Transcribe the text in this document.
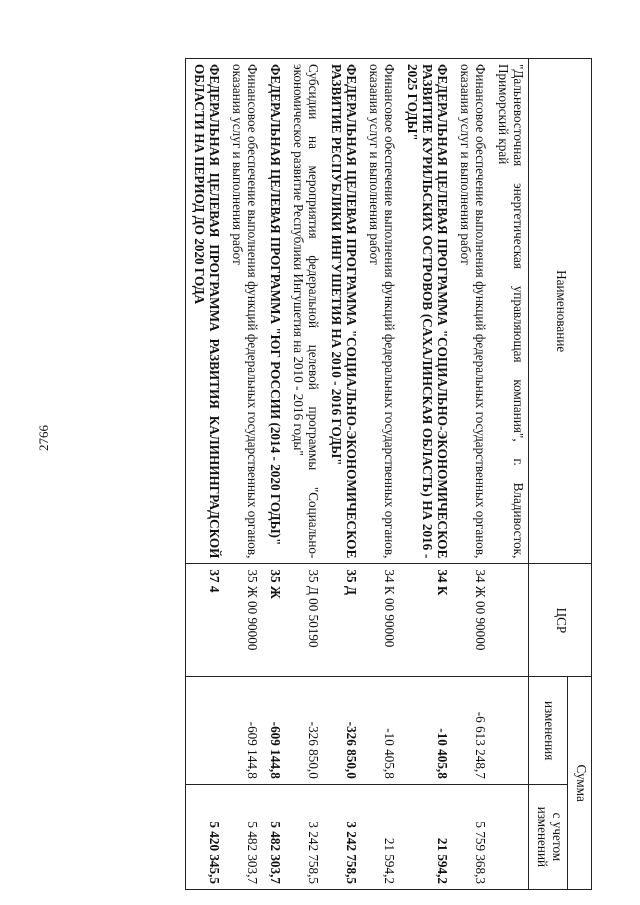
2766
Наименование	ЦСР	Сумма	
		изменения	с учетом изменений
"Дальневосточная энергетическая управляющая компания", г. Владивосток, Приморский край			
Финансовое обеспечение выполнения функций федеральных государственных органов, оказания услуг и выполнения работ	34 Ж 00 90000	-6 613 248,7	5 759 368,3
ФЕДЕРАЛЬНАЯ ЦЕЛЕВАЯ ПРОГРАММА "СОЦИАЛЬНО-ЭКОНОМИЧЕСКОЕ РАЗВИТИЕ КУРИЛЬСКИХ ОСТРОВОВ (САХАЛИНСКАЯ ОБЛАСТЬ) НА 2016 - 2025 ГОДЫ"	34 К	-10 405,8	21 594,2
Финансовое обеспечение выполнения функций федеральных государственных органов, оказания услуг и выполнения работ	34 К 00 90000	-10 405,8	21 594,2
ФЕДЕРАЛЬНАЯ ЦЕЛЕВАЯ ПРОГРАММА "СОЦИАЛЬНО-ЭКОНОМИЧЕСКОЕ РАЗВИТИЕ РЕСПУБЛИКИ ИНГУШЕТИЯ НА 2010 - 2016 ГОДЫ"	35 Д	-326 850,0	3 242 758,5
Субсидии на мероприятия федеральной целевой программы "Социально-экономическое развитие Республики Ингушетия на 2010 - 2016 годы"	35 Д 00 50190	-326 850,0	3 242 758,5
ФЕДЕРАЛЬНАЯ ЦЕЛЕВАЯ ПРОГРАММА "ЮГ РОССИИ (2014 - 2020 ГОДЫ)"	35 Ж	-609 144,8	5 482 303,7
Финансовое обеспечение выполнения функций федеральных государственных органов, оказания услуг и выполнения работ	35 Ж 00 90000	-609 144,8	5 482 303,7
ФЕДЕРАЛЬНАЯ ЦЕЛЕВАЯ ПРОГРАММА РАЗВИТИЯ КАЛИНИНГРАДСКОЙ ОБЛАСТИ НА ПЕРИОД ДО 2020 ГОДА	37 4		5 420 345,5
